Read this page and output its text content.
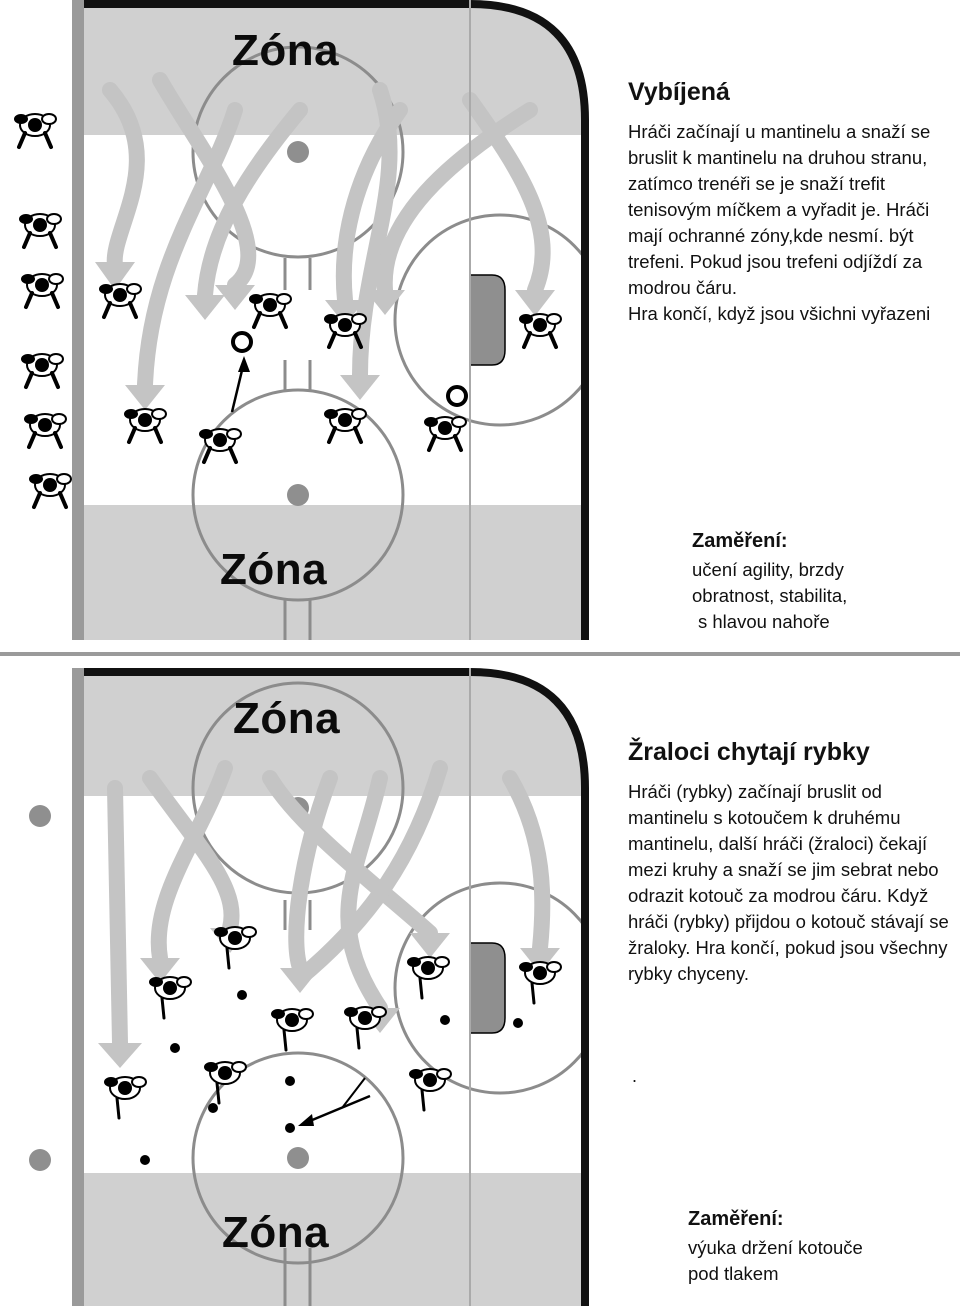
Zóna
Zóna
Vybíjená

Hráči začínají u mantinelu a snaží se bruslit k mantinelu na druhou stranu, zatímco trenéři se je snaží trefit tenisovým míčkem a vyřadit je. Hráči mají ochranné zóny,kde nesmí. být trefeni. Pokud jsou trefeni odjíždí za modrou čáru.

Hra končí, když jsou všichni vyřazeni

Zaměření:

učení agility, brzdy

obratnost, stabilita,

s hlavou nahoře

Zóna
Zóna
Žraloci chytají rybky

Hráči (rybky) začínají bruslit od mantinelu s kotoučem k druhému mantinelu, další hráči (žraloci) čekají mezi kruhy a snaží se jim sebrat nebo odrazit kotouč za modrou čáru. Když hráči (rybky) přijdou o kotouč stávají se žraloky. Hra končí, pokud jsou všechny rybky chyceny.

.
Zaměření:

výuka držení kotouče

pod tlakem
